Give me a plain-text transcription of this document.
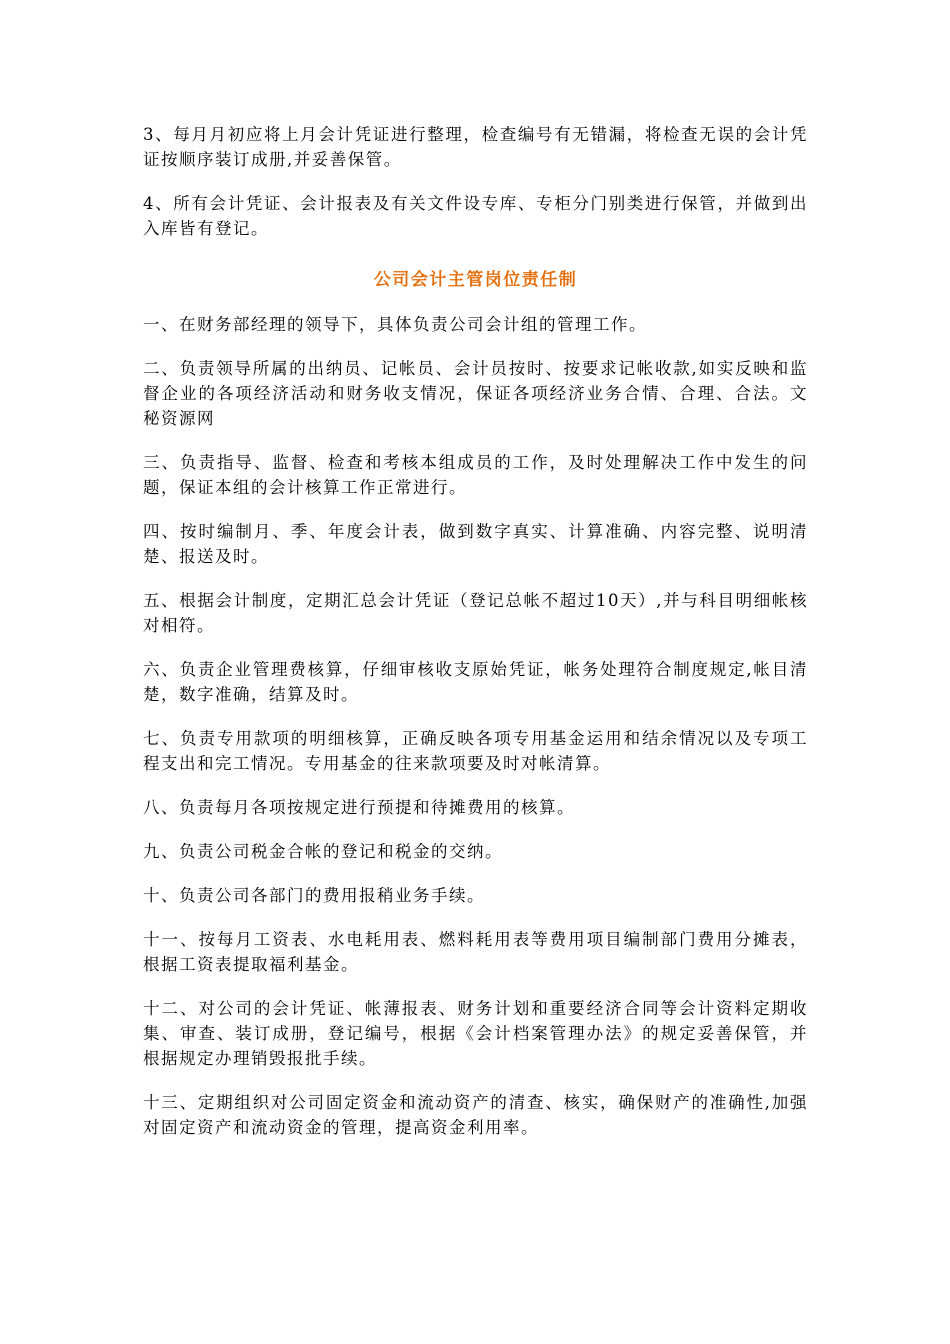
3、每月月初应将上月会计凭证进行整理，检查编号有无错漏，将检查无误的会计凭证按顺序装订成册,并妥善保管。

4、所有会计凭证、会计报表及有关文件设专库、专柜分门别类进行保管，并做到出入库皆有登记。

公司会计主管岗位责任制

一、在财务部经理的领导下，具体负责公司会计组的管理工作。

二、负责领导所属的出纳员、记帐员、会计员按时、按要求记帐收款,如实反映和监督企业的各项经济活动和财务收支情况，保证各项经济业务合情、合理、合法。文秘资源网

三、负责指导、监督、检查和考核本组成员的工作，及时处理解决工作中发生的问题，保证本组的会计核算工作正常进行。

四、按时编制月、季、年度会计表，做到数字真实、计算准确、内容完整、说明清楚、报送及时。

五、根据会计制度，定期汇总会计凭证（登记总帐不超过10天）,并与科目明细帐核对相符。

六、负责企业管理费核算，仔细审核收支原始凭证，帐务处理符合制度规定,帐目清楚，数字准确，结算及时。

七、负责专用款项的明细核算，正确反映各项专用基金运用和结余情况以及专项工程支出和完工情况。专用基金的往来款项要及时对帐清算。

八、负责每月各项按规定进行预提和待摊费用的核算。

九、负责公司税金合帐的登记和税金的交纳。

十、负责公司各部门的费用报稍业务手续。

十一、按每月工资表、水电耗用表、燃料耗用表等费用项目编制部门费用分摊表，根据工资表提取福利基金。

十二、对公司的会计凭证、帐薄报表、财务计划和重要经济合同等会计资料定期收集、审查、装订成册，登记编号，根据《会计档案管理办法》的规定妥善保管，并根据规定办理销毁报批手续。

十三、定期组织对公司固定资金和流动资产的清查、核实，确保财产的准确性,加强对固定资产和流动资金的管理，提高资金利用率。
